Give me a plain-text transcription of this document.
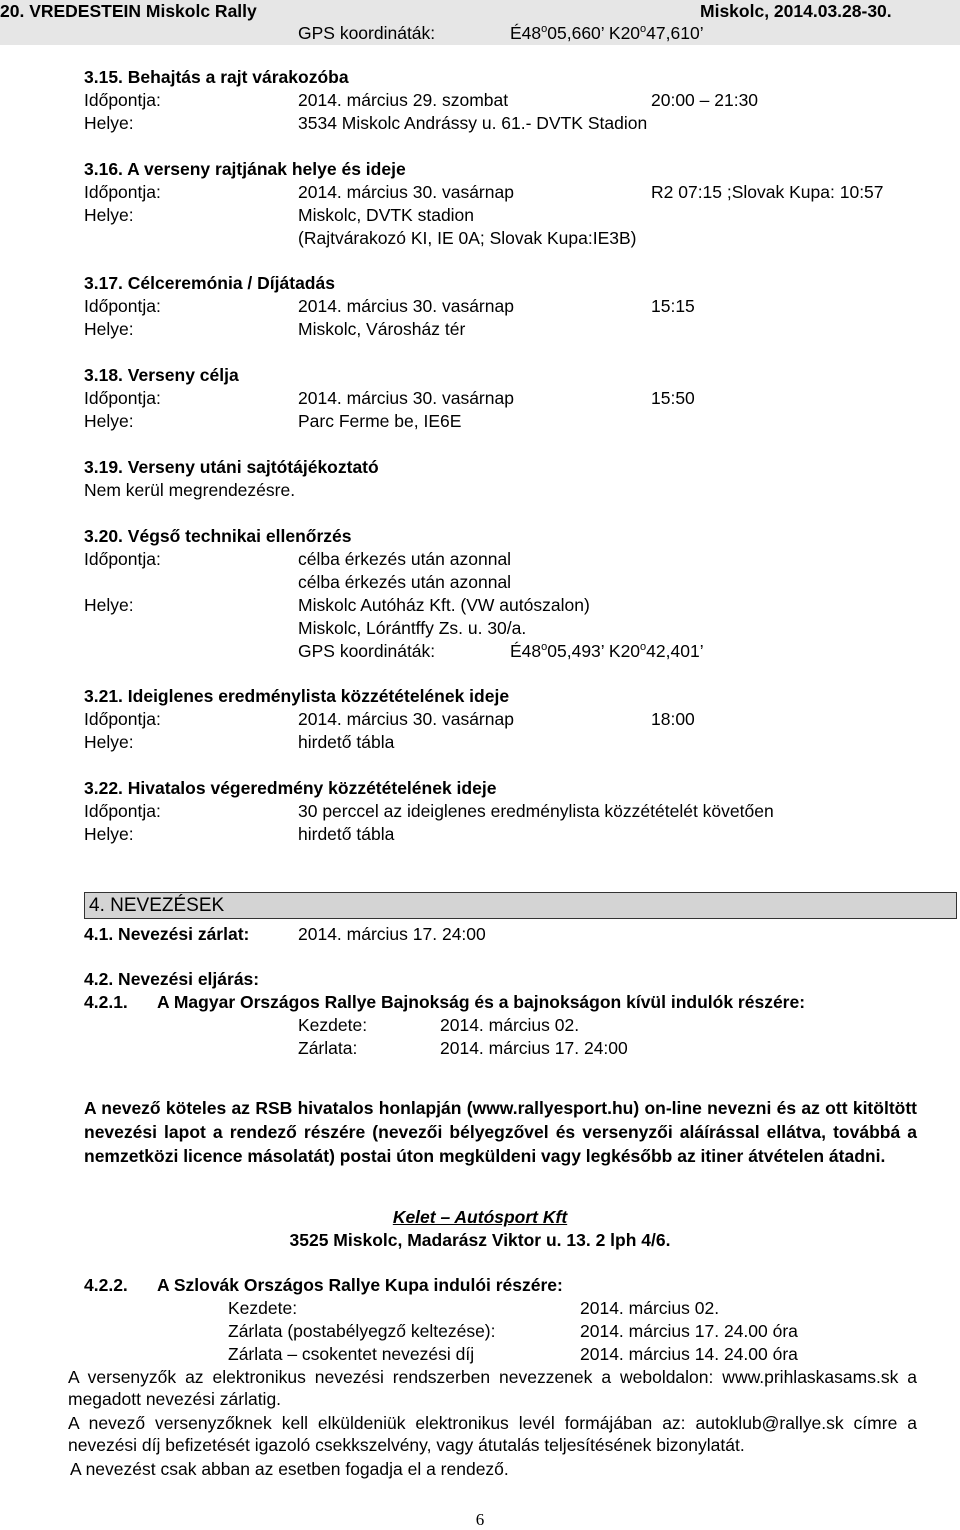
20. VREDESTEIN Miskolc Rally	Miskolc, 2014.03.28-30.
GPS koordináták:	É48$^o$05,660’ K20$^o$47,610’
3.15. Behajtás a rajt várakozóba
Időpontja:	2014. március 29. szombat	20:00 – 21:30
Helye:	3534 Miskolc Andrássy u. 61.- DVTK Stadion
3.16. A verseny rajtjának helye és ideje
Időpontja:	2014. március 30. vasárnap	R2 07:15 ;Slovak Kupa: 10:57
Helye:	Miskolc, DVTK stadion
(Rajtvárakozó KI, IE 0A; Slovak Kupa:IE3B)
3.17. Célceremónia / Díjátadás
Időpontja:	2014. március 30. vasárnap	15:15
Helye:	Miskolc, Városház tér
3.18. Verseny célja
Időpontja:	2014. március 30. vasárnap	15:50
Helye:	Parc Ferme be, IE6E
3.19. Verseny utáni sajtótájékoztató
Nem kerül megrendezésre.
3.20. Végső technikai ellenőrzés
Időpontja:	célba érkezés után azonnal
célba érkezés után azonnal
Helye:	Miskolc Autóház Kft. (VW autószalon)
Miskolc, Lórántffy Zs. u. 30/a.
GPS koordináták:	É48$^o$05,493’ K20$^o$42,401’
3.21. Ideiglenes eredménylista közzétételének ideje
Időpontja:	2014. március 30. vasárnap	18:00
Helye:	hirdető tábla
3.22. Hivatalos végeredmény közzétételének ideje
Időpontja:	30 perccel az ideiglenes eredménylista közzétételét követően
Helye:	hirdető tábla
4. NEVEZÉSEK
4.1. Nevezési zárlat:	2014. március 17. 24:00
4.2. Nevezési eljárás:
4.2.1. A Magyar Országos Rallye Bajnokság és a bajnokságon kívül indulók részére:
Kezdete:	2014. március 02.
Zárlata:	2014. március 17. 24:00
A nevező köteles az RSB hivatalos honlapján (www.rallyesport.hu) on-line nevezni és az ott kitöltött nevezési lapot a rendező részére (nevezői bélyegzővel és versenyzői aláírással ellátva, továbbá a nemzetközi licence másolatát) postai úton megküldeni vagy legkésőbb az itiner átvételen átadni.
Kelet – Autósport Kft
3525 Miskolc, Madarász Viktor u. 13. 2 lph 4/6.
4.2.2. A Szlovák Országos Rallye Kupa indulói részére:
Kezdete:	2014. március 02.
Zárlata (postabélyegző keltezése):	2014. március 17. 24.00 óra
Zárlata – csokentet nevezési díj	2014. március 14. 24.00 óra
A versenyzők az elektronikus nevezési rendszerben nevezzenek a weboldalon: www.prihlaskasams.sk a megadott nevezési zárlatig.
A nevező versenyzőknek kell elküldeniük elektronikus levél formájában az: autoklub@rallye.sk címre a nevezési díj befizetését igazoló csekkszelvény, vagy átutalás teljesítésének bizonylatát.
A nevezést csak abban az esetben fogadja el a rendező.
6
